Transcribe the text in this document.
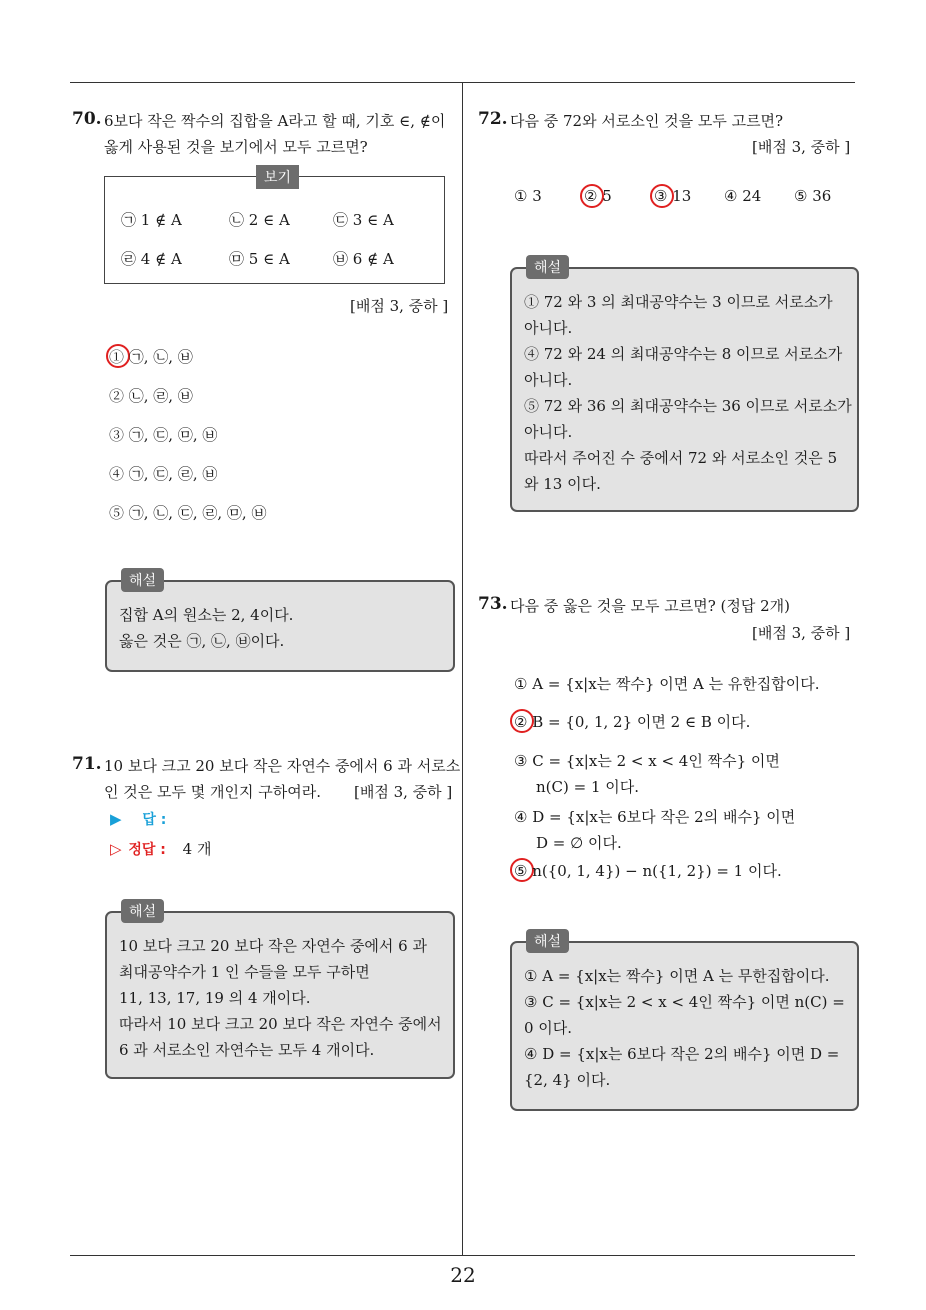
22
70. 6보다 작은 짝수의 집합을 A라고 할 때, 기호 ∈, ∉이
옳게 사용된 것을 보기에서 모두 고르면?
보기
㉠ 1 ∉ A	㉡ 2 ∈ A	㉢ 3 ∈ A
㉣ 4 ∉ A	㉤ 5 ∈ A	㉥ 6 ∉ A
[배점 3, 중하 ]
① ㉠, ㉡, ㉥
② ㉡, ㉣, ㉥
③ ㉠, ㉢, ㉤, ㉥
④ ㉠, ㉢, ㉣, ㉥
⑤ ㉠, ㉡, ㉢, ㉣, ㉤, ㉥
해설
집합 A의 원소는 2, 4이다.
옳은 것은 ㉠, ㉡, ㉥이다.
71. 10 보다 크고 20 보다 작은 자연수 중에서 6 과 서로소
인 것은 모두 몇 개인지 구하여라. [배점 3, 중하 ]
▶ 답 :
▷ 정답 : 4 개
해설
10 보다 크고 20 보다 작은 자연수 중에서 6 과
최대공약수가 1 인 수들을 모두 구하면
11, 13, 17, 19 의 4 개이다.
따라서 10 보다 크고 20 보다 작은 자연수 중에서
6 과 서로소인 자연수는 모두 4 개이다.
72. 다음 중 72와 서로소인 것을 모두 고르면?
[배점 3, 중하 ]
① 3	② 5	③ 13 ④ 24 ⑤ 36
해설
① 72 와 3 의 최대공약수는 3 이므로 서로소가
아니다.
④ 72 와 24 의 최대공약수는 8 이므로 서로소가
아니다.
⑤ 72 와 36 의 최대공약수는 36 이므로 서로소가
아니다.
따라서 주어진 수 중에서 72 와 서로소인 것은 5
와 13 이다.
73. 다음 중 옳은 것을 모두 고르면? (정답 2개)
[배점 3, 중하 ]
① A = {x|x는 짝수} 이면 A 는 유한집합이다.
② B = {0, 1, 2} 이면 2 ∈ B 이다.
③ C = {x|x는 2 < x < 4인 짝수} 이면
n(C) = 1 이다.
④ D = {x|x는 6보다 작은 2의 배수} 이면
D = ∅ 이다.
⑤ n({0, 1, 4}) − n({1, 2}) = 1 이다.
해설
① A = {x|x는 짝수} 이면 A 는 무한집합이다.
③ C = {x|x는 2 < x < 4인 짝수} 이면 n(C) =
0 이다.
④ D = {x|x는 6보다 작은 2의 배수} 이면 D =
{2, 4} 이다.
